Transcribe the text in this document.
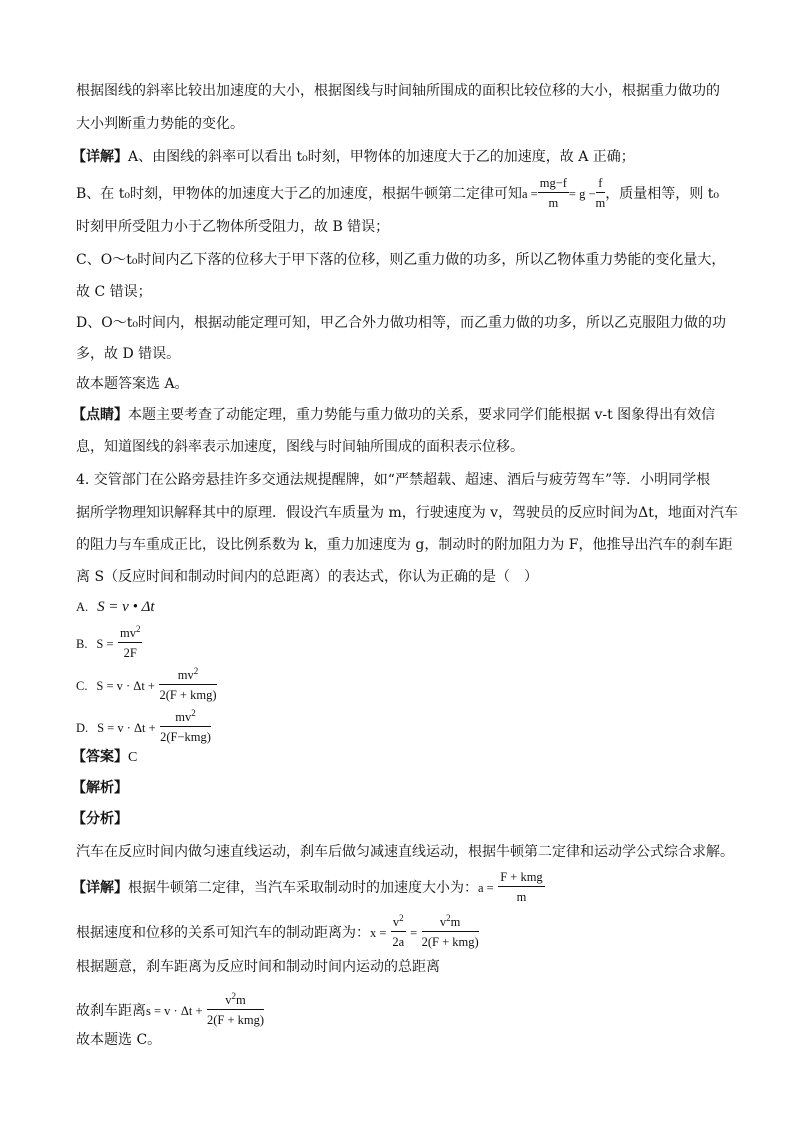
根据图线的斜率比较出加速度的大小，根据图线与时间轴所围成的面积比较位移的大小，根据重力做功的
大小判断重力势能的变化。
【详解】A、由图线的斜率可以看出 t₀时刻，甲物体的加速度大于乙的加速度，故 A 正确；
B、在 t₀时刻，甲物体的加速度大于乙的加速度，根据牛顿第二定律可知$a = \frac{mg-f}{m} = g - \frac{f}{m}$ ，质量相等，则 t₀
时刻甲所受阻力小于乙物体所受阻力，故 B 错误；
C、O～t₀时间内乙下落的位移大于甲下落的位移，则乙重力做的功多，所以乙物体重力势能的变化量大，
故 C 错误；
D、O～t₀时间内，根据动能定理可知，甲乙合外力做功相等，而乙重力做的功多，所以乙克服阻力做的功
多，故 D 错误。
故本题答案选 A。
【点睛】本题主要考查了动能定理，重力势能与重力做功的关系，要求同学们能根据 v-t 图象得出有效信
息，知道图线的斜率表示加速度，图线与时间轴所围成的面积表示位移。
4. 交管部门在公路旁悬挂许多交通法规提醒牌，如“严禁超载、超速、酒后与疲劳驾车”等．小明同学根
据所学物理知识解释其中的原理．假设汽车质量为 m，行驶速度为 v，驾驶员的反应时间为Δt，地面对汽车
的阻力与车重成正比，设比例系数为 k，重力加速度为 g，制动时的附加阻力为 F，他推导出汽车的刹车距
离 S（反应时间和制动时间内的总距离）的表达式，你认为正确的是（　）
A. S = v • Δt
B. $S = \frac{mv^2}{2F}$
C. $S = v \cdot \Delta t + \frac{mv^2}{\text{2(F + kmg)}}$
D. $S = v \cdot \Delta t + \frac{mv^2}{\text{2(F−kmg)}}$
【答案】C
【解析】
【分析】
汽车在反应时间内做匀速直线运动，刹车后做匀减速直线运动，根据牛顿第二定律和运动学公式综合求解。
【详解】根据牛顿第二定律，当汽车采取制动时的加速度大小为：$a = \frac{\text{F + kmg}}{m}$
根据速度和位移的关系可知汽车的制动距离为：$x = \frac{v^2}{2a} = \frac{v^2m}{\text{2(F + kmg)}}$
根据题意，刹车距离为反应时间和制动时间内运动的总距离
故刹车距离$s = v \cdot \Delta t + \frac{v^2m}{\text{2(F + kmg)}}$
故本题选 C。
